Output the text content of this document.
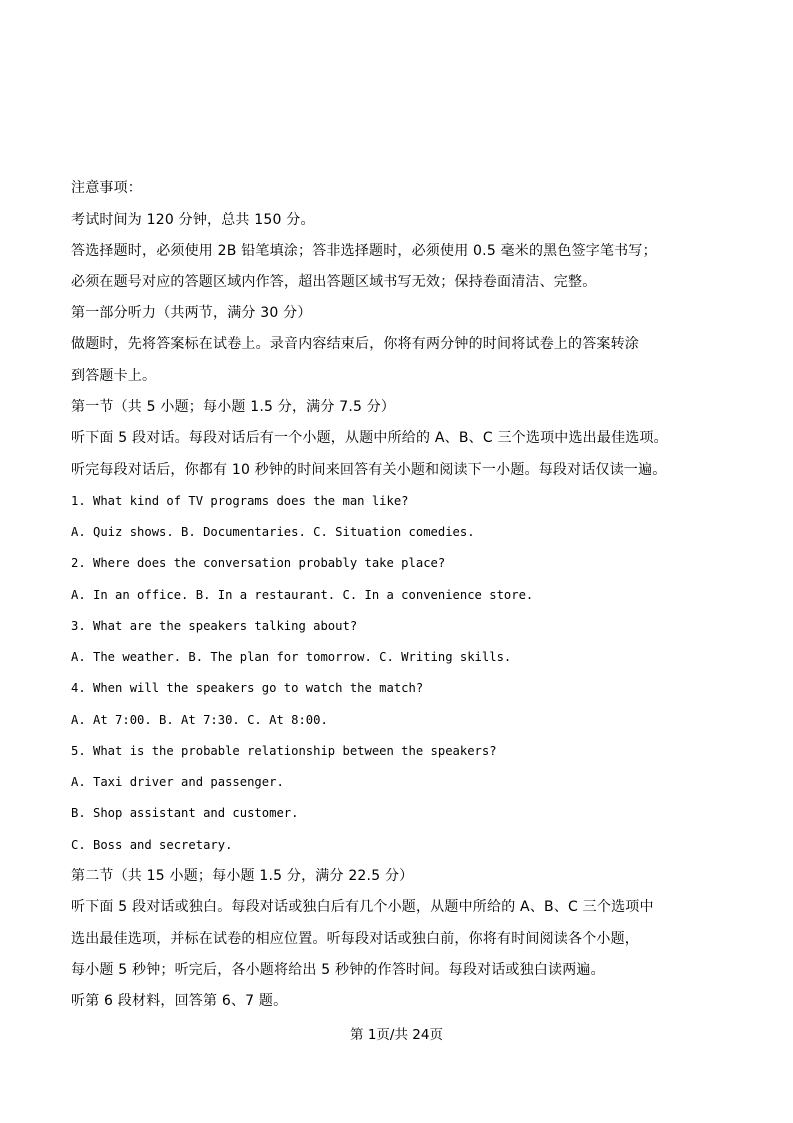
注意事项：
考试时间为 120 分钟，总共 150 分。
答选择题时，必须使用 2B 铅笔填涂；答非选择题时，必须使用 0.5 毫米的黑色签字笔书写；
必须在题号对应的答题区域内作答，超出答题区域书写无效；保持卷面清洁、完整。
第一部分听力（共两节，满分 30 分）
做题时，先将答案标在试卷上。录音内容结束后，你将有两分钟的时间将试卷上的答案转涂
到答题卡上。
第一节（共 5 小题；每小题 1.5 分，满分 7.5 分）
听下面 5 段对话。每段对话后有一个小题，从题中所给的 A、B、C 三个选项中选出最佳选项。
听完每段对话后，你都有 10 秒钟的时间来回答有关小题和阅读下一小题。每段对话仅读一遍。
1. What kind of TV programs does the man like?
A. Quiz shows. B. Documentaries. C. Situation comedies.
2. Where does the conversation probably take place?
A. In an office. B. In a restaurant. C. In a convenience store.
3. What are the speakers talking about?
A. The weather. B. The plan for tomorrow. C. Writing skills.
4. When will the speakers go to watch the match?
A. At 7:00. B. At 7:30. C. At 8:00.
5. What is the probable relationship between the speakers?
A. Taxi driver and passenger.
B. Shop assistant and customer.
C. Boss and secretary.
第二节（共 15 小题；每小题 1.5 分，满分 22.5 分）
听下面 5 段对话或独白。每段对话或独白后有几个小题，从题中所给的 A、B、C 三个选项中
选出最佳选项，并标在试卷的相应位置。听每段对话或独白前，你将有时间阅读各个小题，
每小题 5 秒钟；听完后，各小题将给出 5 秒钟的作答时间。每段对话或独白读两遍。
听第 6 段材料，回答第 6、7 题。
第 1页/共 24页
